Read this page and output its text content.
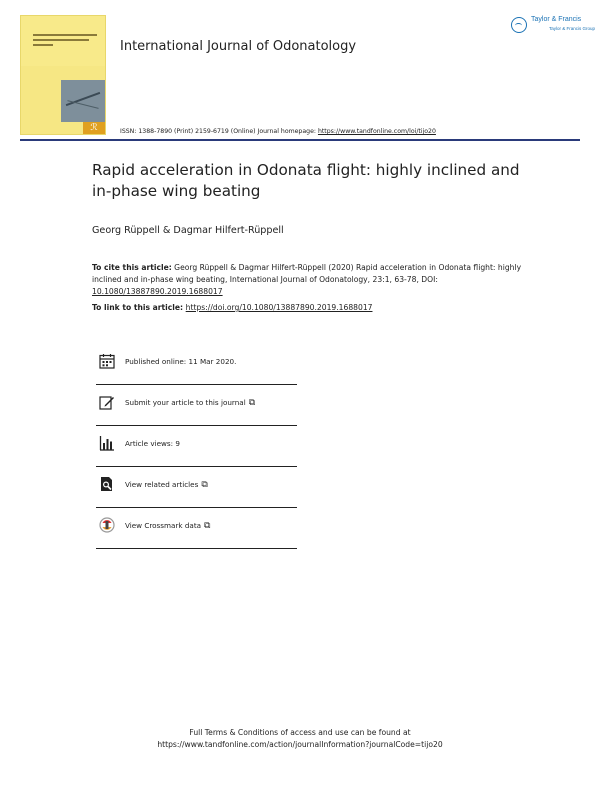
ℛ
Taylor & Francis
Taylor & Francis Group
International Journal of Odonatology
ISSN: 1388-7890 (Print) 2159-6719 (Online) Journal homepage: https://www.tandfonline.com/loi/tijo20
Rapid acceleration in Odonata flight: highly inclined and in-phase wing beating
Georg Rüppell & Dagmar Hilfert-Rüppell
To cite this article: Georg Rüppell & Dagmar Hilfert-Rüppell (2020) Rapid acceleration in Odonata flight: highly inclined and in-phase wing beating, International Journal of Odonatology, 23:1, 63-78, DOI: 10.1080/13887890.2019.1688017
To link to this article: https://doi.org/10.1080/13887890.2019.1688017
Published online: 11 Mar 2020.
Submit your article to this journal ⧉
Article views: 9
View related articles ⧉
View Crossmark data ⧉
Full Terms & Conditions of access and use can be found at
https://www.tandfonline.com/action/journalInformation?journalCode=tijo20
